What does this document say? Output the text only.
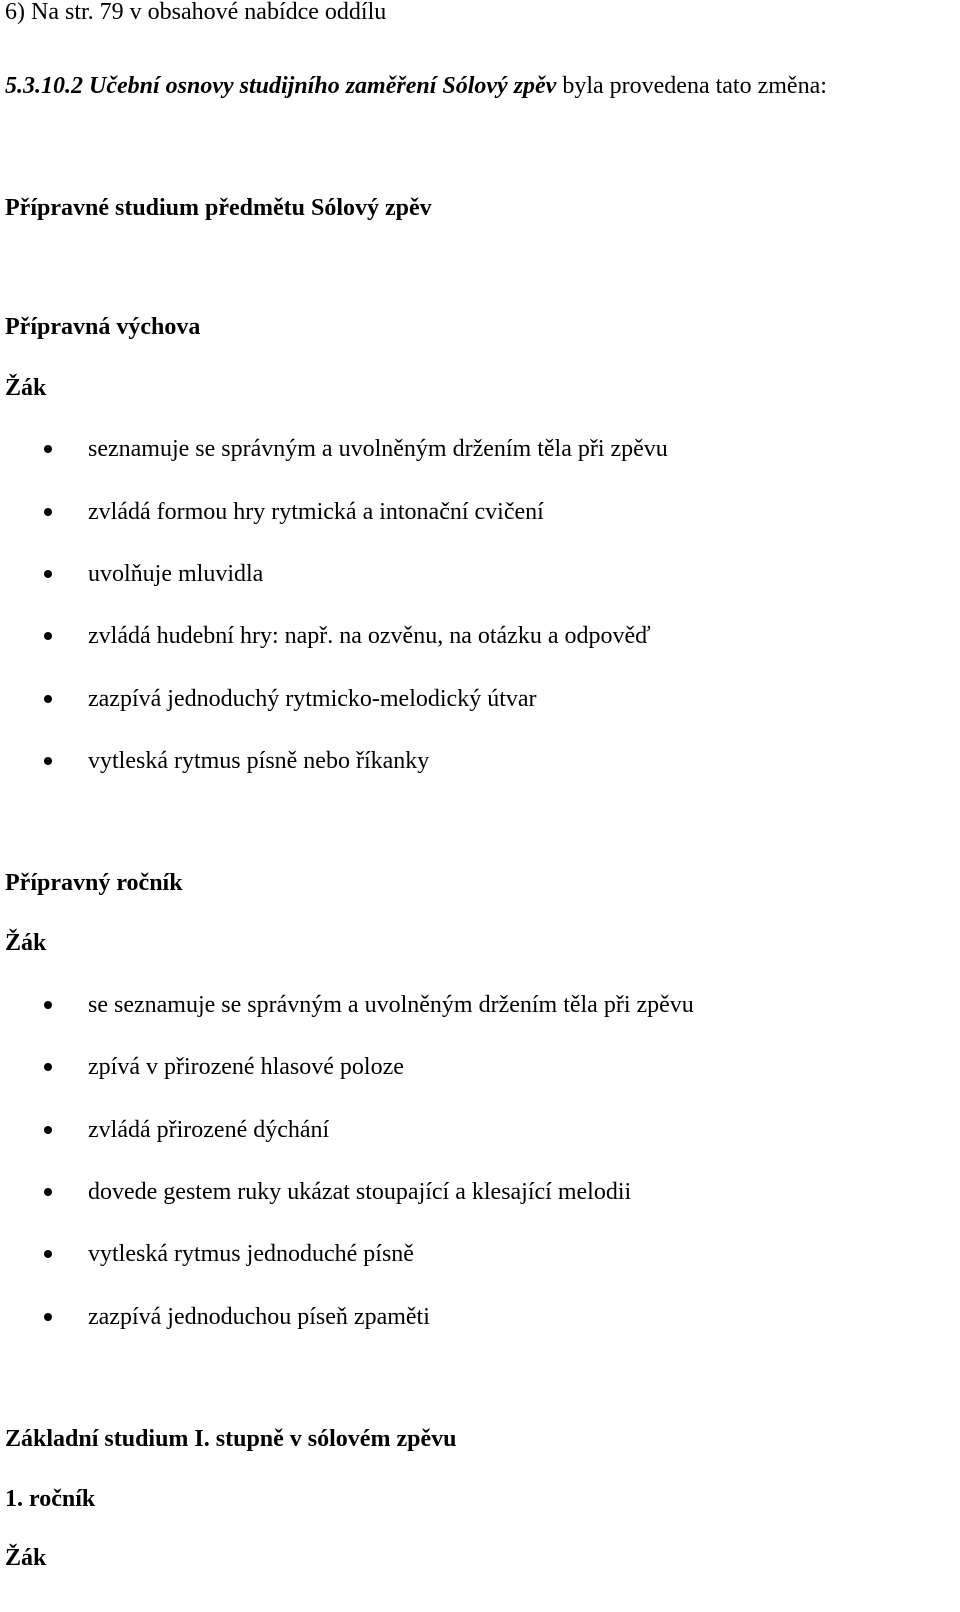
6) Na str. 79 v obsahové nabídce oddílu
5.3.10.2 Učební osnovy studijního zaměření Sólový zpěv byla provedena tato změna:
Přípravné studium předmětu Sólový zpěv
Přípravná výchova
Žák
seznamuje se správným a uvolněným držením těla při zpěvu
zvládá formou hry rytmická a intonační cvičení
uvolňuje mluvidla
zvládá hudební hry: např. na ozvěnu, na otázku a odpověď
zazpívá jednoduchý rytmicko-melodický útvar
vytleská rytmus písně nebo říkanky
Přípravný ročník
Žák
se seznamuje se správným a uvolněným držením těla při zpěvu
zpívá v přirozené hlasové poloze
zvládá přirozené dýchání
dovede gestem ruky ukázat stoupající a klesající melodii
vytleská rytmus jednoduché písně
zazpívá jednoduchou píseň zpaměti
Základní studium I. stupně v sólovém zpěvu
1. ročník
Žák
